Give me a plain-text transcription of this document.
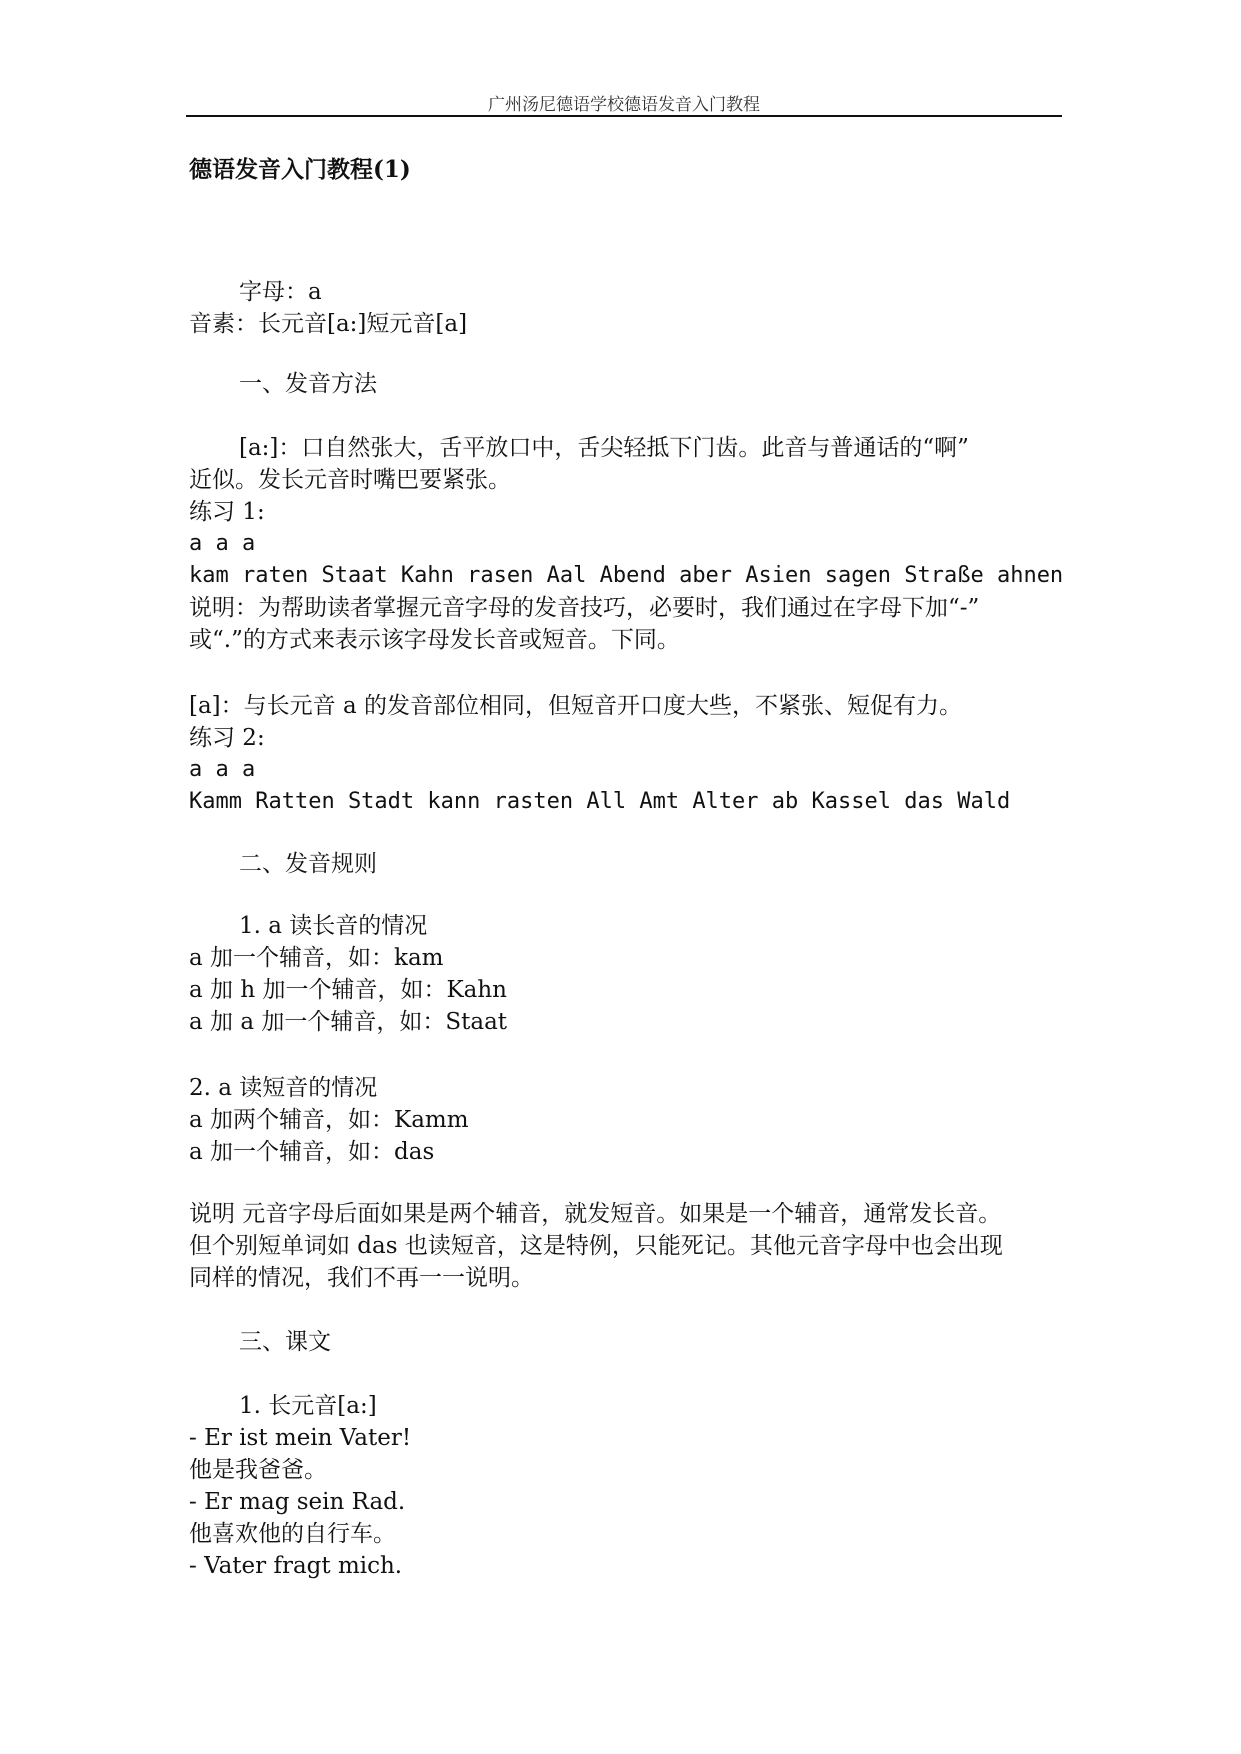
广州汤尼德语学校德语发音入门教程
德语发音入门教程(1)
字母：a
音素：长元音[a:]短元音[a]
一、发音方法
[a:]：口自然张大，舌平放口中，舌尖轻抵下门齿。此音与普通话的“啊”
近似。发长元音时嘴巴要紧张。
练习 1:
a a a
kam raten Staat Kahn rasen Aal Abend aber Asien sagen Straße ahnen
说明：为帮助读者掌握元音字母的发音技巧，必要时，我们通过在字母下加“-”
或“.”的方式来表示该字母发长音或短音。下同。
[a]：与长元音 a 的发音部位相同，但短音开口度大些，不紧张、短促有力。
练习 2:
a a a
Kamm Ratten Stadt kann rasten All Amt Alter ab Kassel das Wald
二、发音规则
1. a 读长音的情况
a 加一个辅音，如：kam
a 加 h 加一个辅音，如：Kahn
a 加 a 加一个辅音，如：Staat
2. a 读短音的情况
a 加两个辅音，如：Kamm
a 加一个辅音，如：das
说明 元音字母后面如果是两个辅音，就发短音。如果是一个辅音，通常发长音。
但个别短单词如 das 也读短音，这是特例，只能死记。其他元音字母中也会出现
同样的情况，我们不再一一说明。
三、课文
1. 长元音[a:]
- Er ist mein Vater!
他是我爸爸。
- Er mag sein Rad.
他喜欢他的自行车。
- Vater fragt mich.
